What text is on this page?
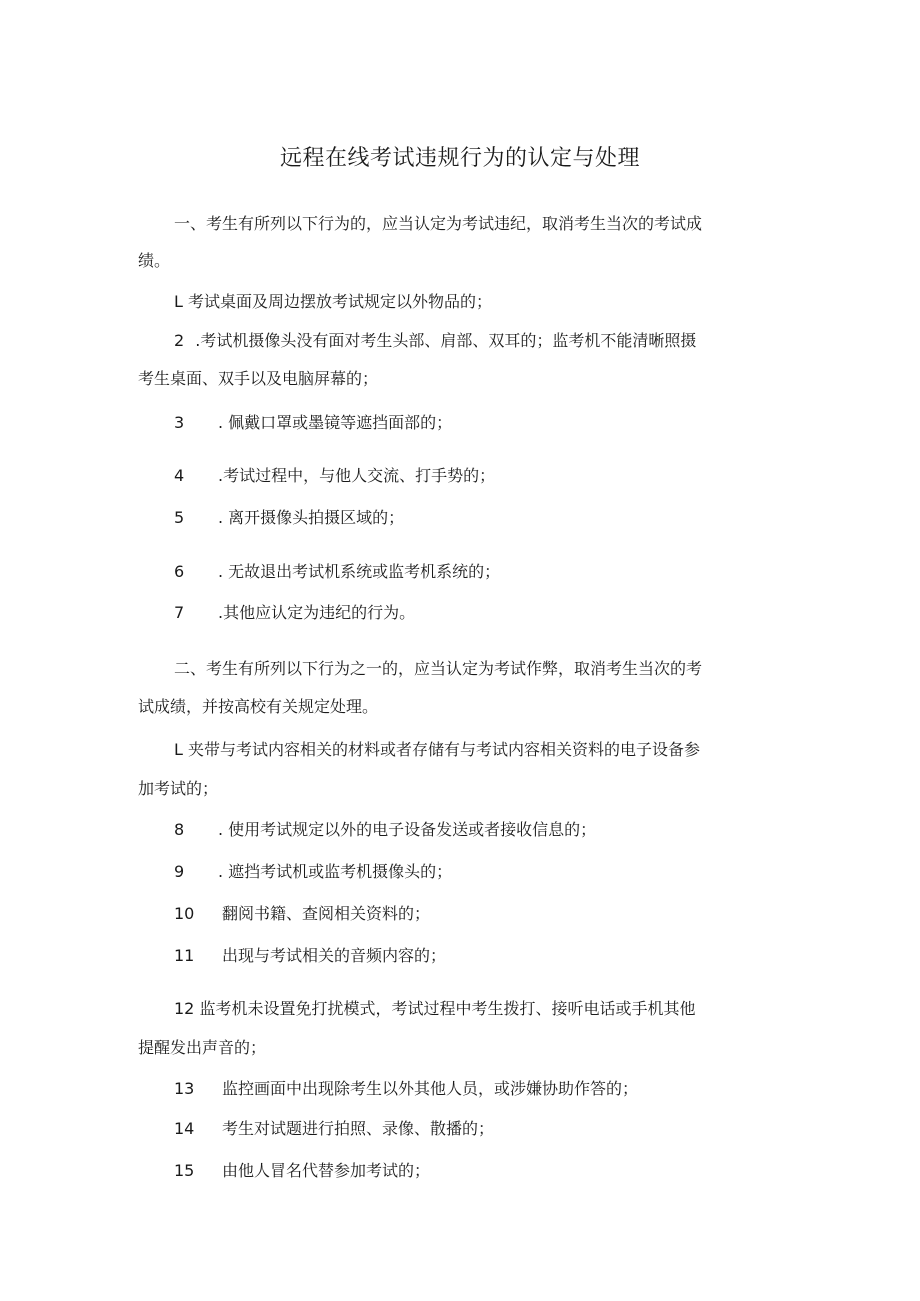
远程在线考试违规行为的认定与处理
一、考生有所列以下行为的，应当认定为考试违纪，取消考生当次的考试成
绩。
L 考试桌面及周边摆放考试规定以外物品的；
2 .考试机摄像头没有面对考生头部、肩部、双耳的；监考机不能清晰照摄
考生桌面、双手以及电脑屏幕的；
3	. 佩戴口罩或墨镜等遮挡面部的；
4	.考试过程中，与他人交流、打手势的；
5	. 离开摄像头拍摄区域的；
6	. 无故退出考试机系统或监考机系统的；
7	.其他应认定为违纪的行为。
二、考生有所列以下行为之一的，应当认定为考试作弊，取消考生当次的考
试成绩，并按高校有关规定处理。
L 夹带与考试内容相关的材料或者存储有与考试内容相关资料的电子设备参
加考试的；
8	. 使用考试规定以外的电子设备发送或者接收信息的；
9	. 遮挡考试机或监考机摄像头的；
10	翻阅书籍、查阅相关资料的；
11	出现与考试相关的音频内容的；
12 监考机未设置免打扰模式，考试过程中考生拨打、接听电话或手机其他
提醒发出声音的；
13	监控画面中出现除考生以外其他人员，或涉嫌协助作答的；
14	考生对试题进行拍照、录像、散播的；
15	由他人冒名代替参加考试的；
